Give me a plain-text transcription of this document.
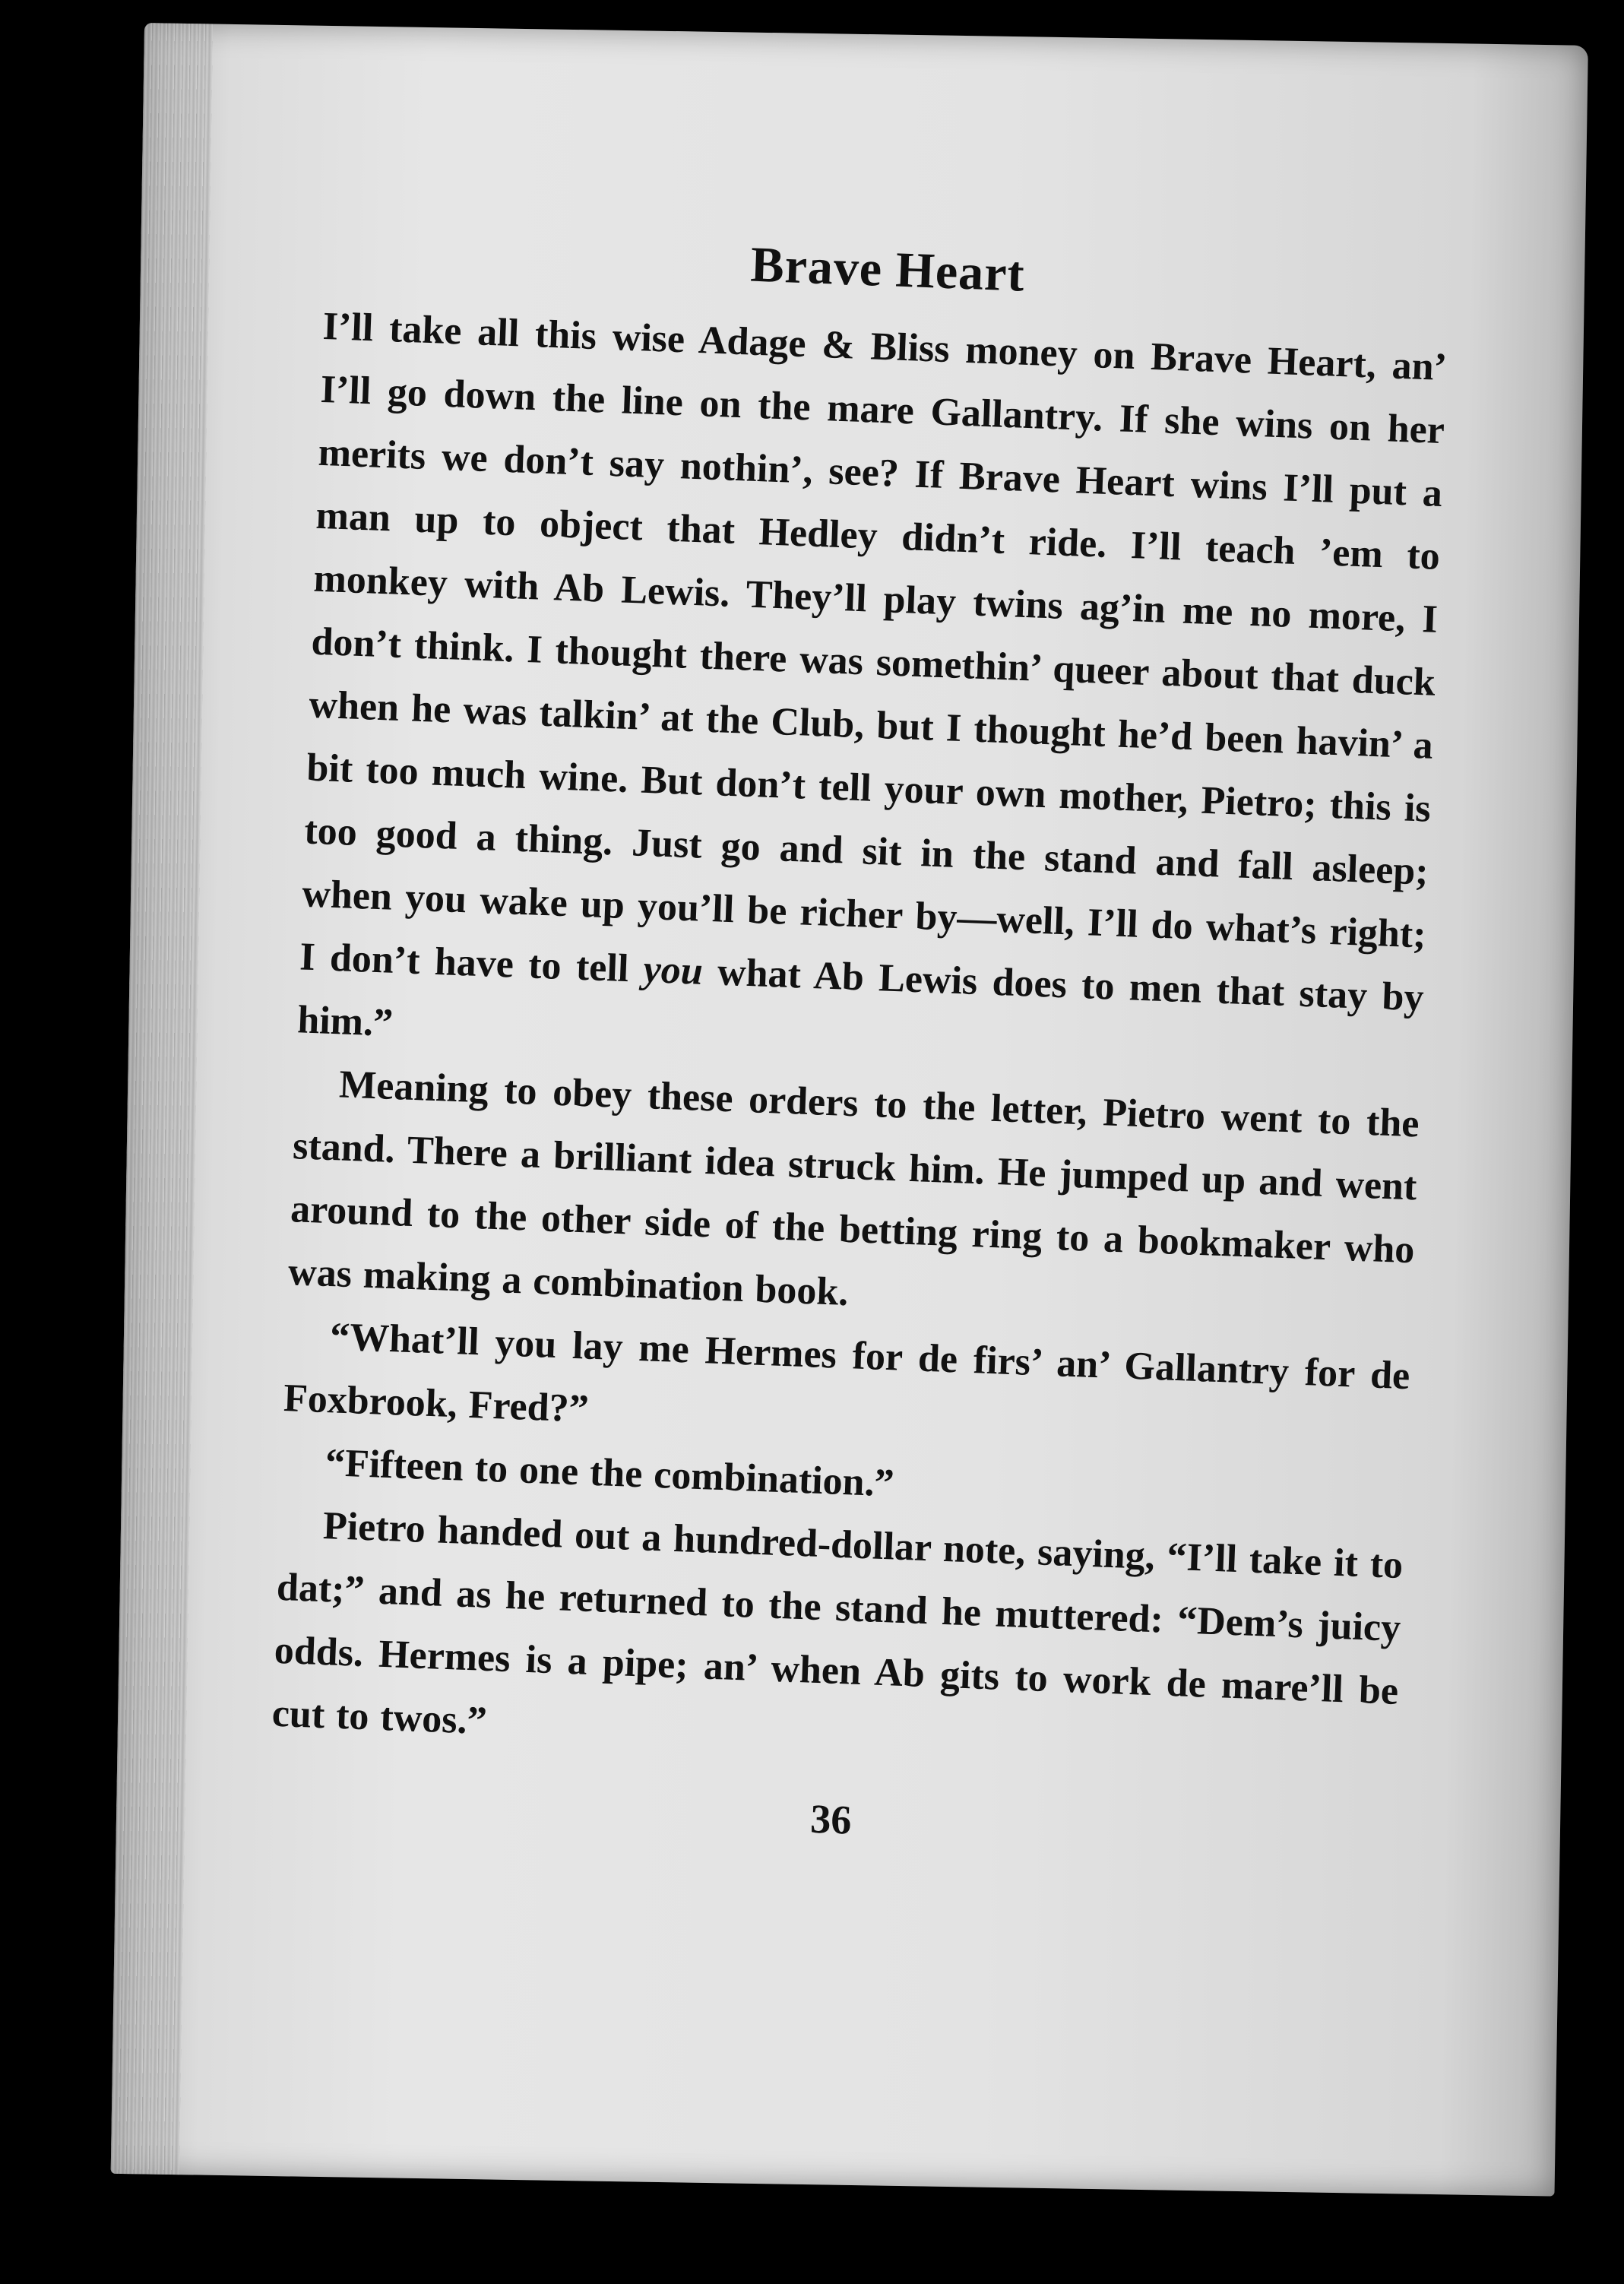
Brave Heart

I’ll take all this wise Adage & Bliss money on Brave Heart, an’ I’ll go down the line on the mare Gallantry. If she wins on her merits we don’t say nothin’, see? If Brave Heart wins I’ll put a man up to object that Hedley didn’t ride. I’ll teach ’em to monkey with Ab Lewis. They’ll play twins ag’in me no more, I don’t think. I thought there was somethin’ queer about that duck when he was talkin’ at the Club, but I thought he’d been havin’ a bit too much wine. But don’t tell your own mother, Pietro; this is too good a thing. Just go and sit in the stand and fall asleep; when you wake up you’ll be richer by—well, I’ll do what’s right; I don’t have to tell you what Ab Lewis does to men that stay by him.”

Meaning to obey these orders to the letter, Pietro went to the stand. There a brilliant idea struck him. He jumped up and went around to the other side of the betting ring to a bookmaker who was making a combination book.

“What’ll you lay me Hermes for de firs’ an’ Gallantry for de Foxbrook, Fred?”

“Fifteen to one the combination.”

Pietro handed out a hundred-dollar note, saying, “I’ll take it to dat;” and as he returned to the stand he muttered: “Dem’s juicy odds. Hermes is a pipe; an’ when Ab gits to work de mare’ll be cut to twos.”

36
